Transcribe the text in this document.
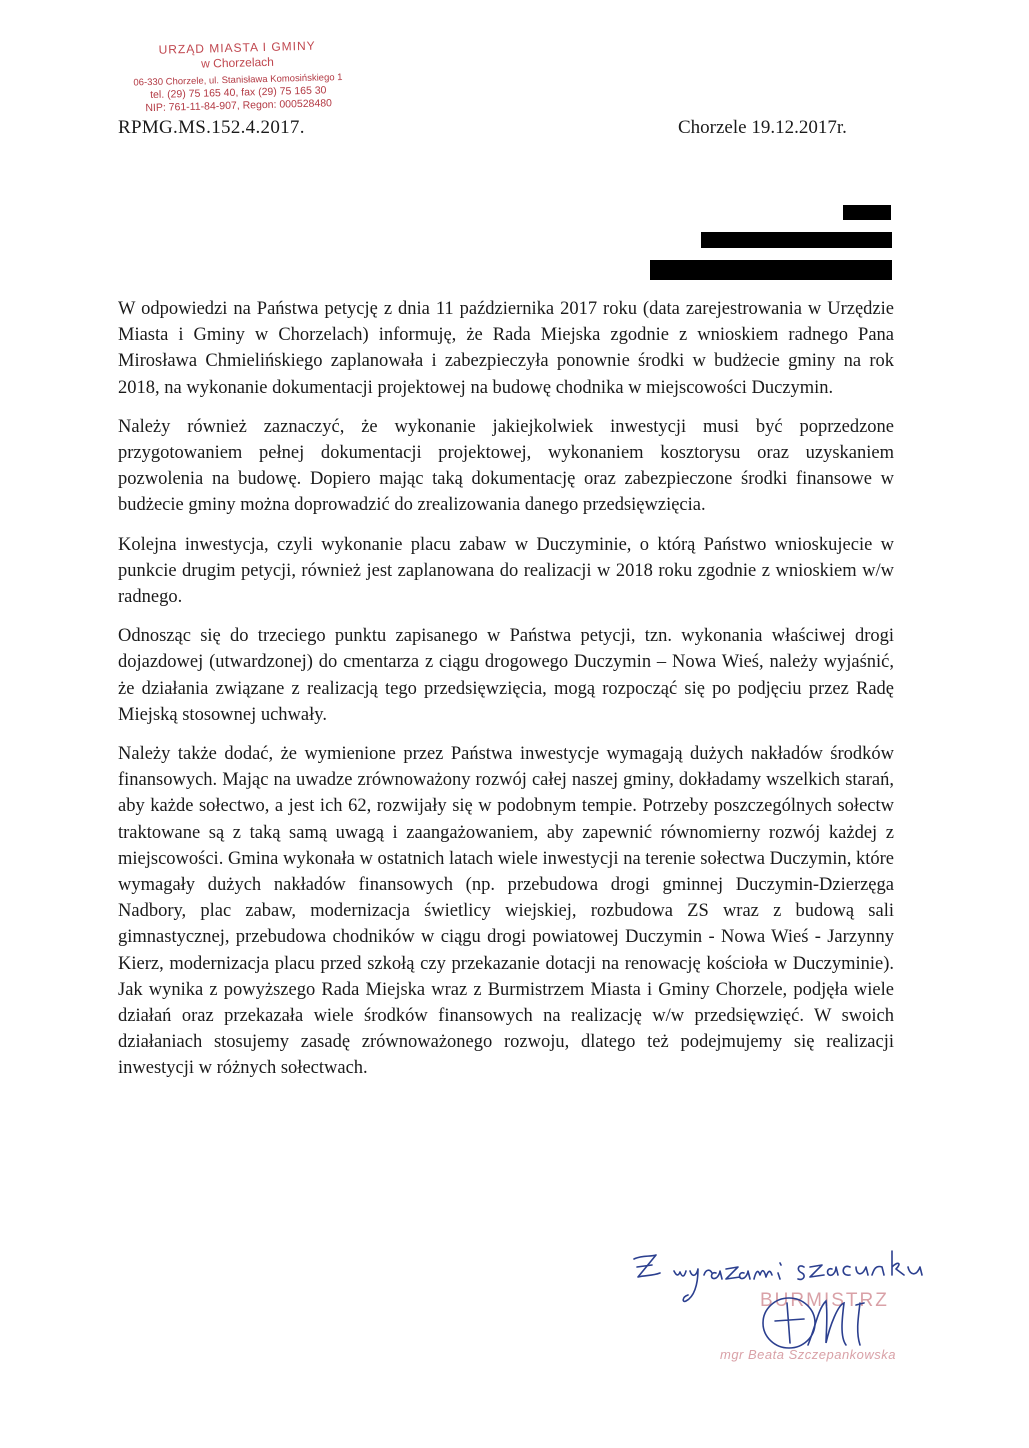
URZĄD MIASTA I GMINY
w Chorzelach
06-330 Chorzele, ul. Stanisława Komosińskiego 1
tel. (29) 75 165 40, fax (29) 75 165 30
NIP: 761-11-84-907, Regon: 000528480
RPMG.MS.152.4.2017.	Chorzele 19.12.2017r.

W odpowiedzi na Państwa petycję z dnia 11 października 2017 roku (data zarejestrowania w Urzędzie Miasta i Gminy w Chorzelach) informuję, że Rada Miejska zgodnie z wnioskiem radnego Pana Mirosława Chmielińskiego zaplanowała i zabezpieczyła ponownie środki w budżecie gminy na rok 2018, na wykonanie dokumentacji projektowej na budowę chodnika w miejscowości Duczymin.

Należy również zaznaczyć, że wykonanie jakiejkolwiek inwestycji musi być poprzedzone przygotowaniem pełnej dokumentacji projektowej, wykonaniem kosztorysu oraz uzyskaniem pozwolenia na budowę. Dopiero mając taką dokumentację oraz zabezpieczone środki finansowe w budżecie gminy można doprowadzić do zrealizowania danego przedsięwzięcia.

Kolejna inwestycja, czyli wykonanie placu zabaw w Duczyminie, o którą Państwo wnioskujecie w punkcie drugim petycji, również jest zaplanowana do realizacji w 2018 roku zgodnie z wnioskiem w/w radnego.

Odnosząc się do trzeciego punktu zapisanego w Państwa petycji, tzn. wykonania właściwej drogi dojazdowej (utwardzonej) do cmentarza z ciągu drogowego Duczymin – Nowa Wieś, należy wyjaśnić, że działania związane z realizacją tego przedsięwzięcia, mogą rozpocząć się po podjęciu przez Radę Miejską stosownej uchwały.

Należy także dodać, że wymienione przez Państwa inwestycje wymagają dużych nakładów środków finansowych. Mając na uwadze zrównoważony rozwój całej naszej gminy, dokładamy wszelkich starań, aby każde sołectwo, a jest ich 62, rozwijały się w podobnym tempie. Potrzeby poszczególnych sołectw traktowane są z taką samą uwagą i zaangażowaniem, aby zapewnić równomierny rozwój każdej z miejscowości. Gmina wykonała w ostatnich latach wiele inwestycji na terenie sołectwa Duczymin, które wymagały dużych nakładów finansowych (np. przebudowa drogi gminnej Duczymin-Dzierzęga Nadbory, plac zabaw, modernizacja świetlicy wiejskiej, rozbudowa ZS wraz z budową sali gimnastycznej, przebudowa chodników w ciągu drogi powiatowej Duczymin - Nowa Wieś - Jarzynny Kierz, modernizacja placu przed szkołą czy przekazanie dotacji na renowację kościoła w Duczyminie). Jak wynika z powyższego Rada Miejska wraz z Burmistrzem Miasta i Gminy Chorzele, podjęła wiele działań oraz przekazała wiele środków finansowych na realizację w/w przedsięwzięć. W swoich działaniach stosujemy zasadę zrównoważonego rozwoju, dlatego też podejmujemy się realizacji inwestycji w różnych sołectwach.

BURMISTRZ
mgr Beata Szczepankowska
